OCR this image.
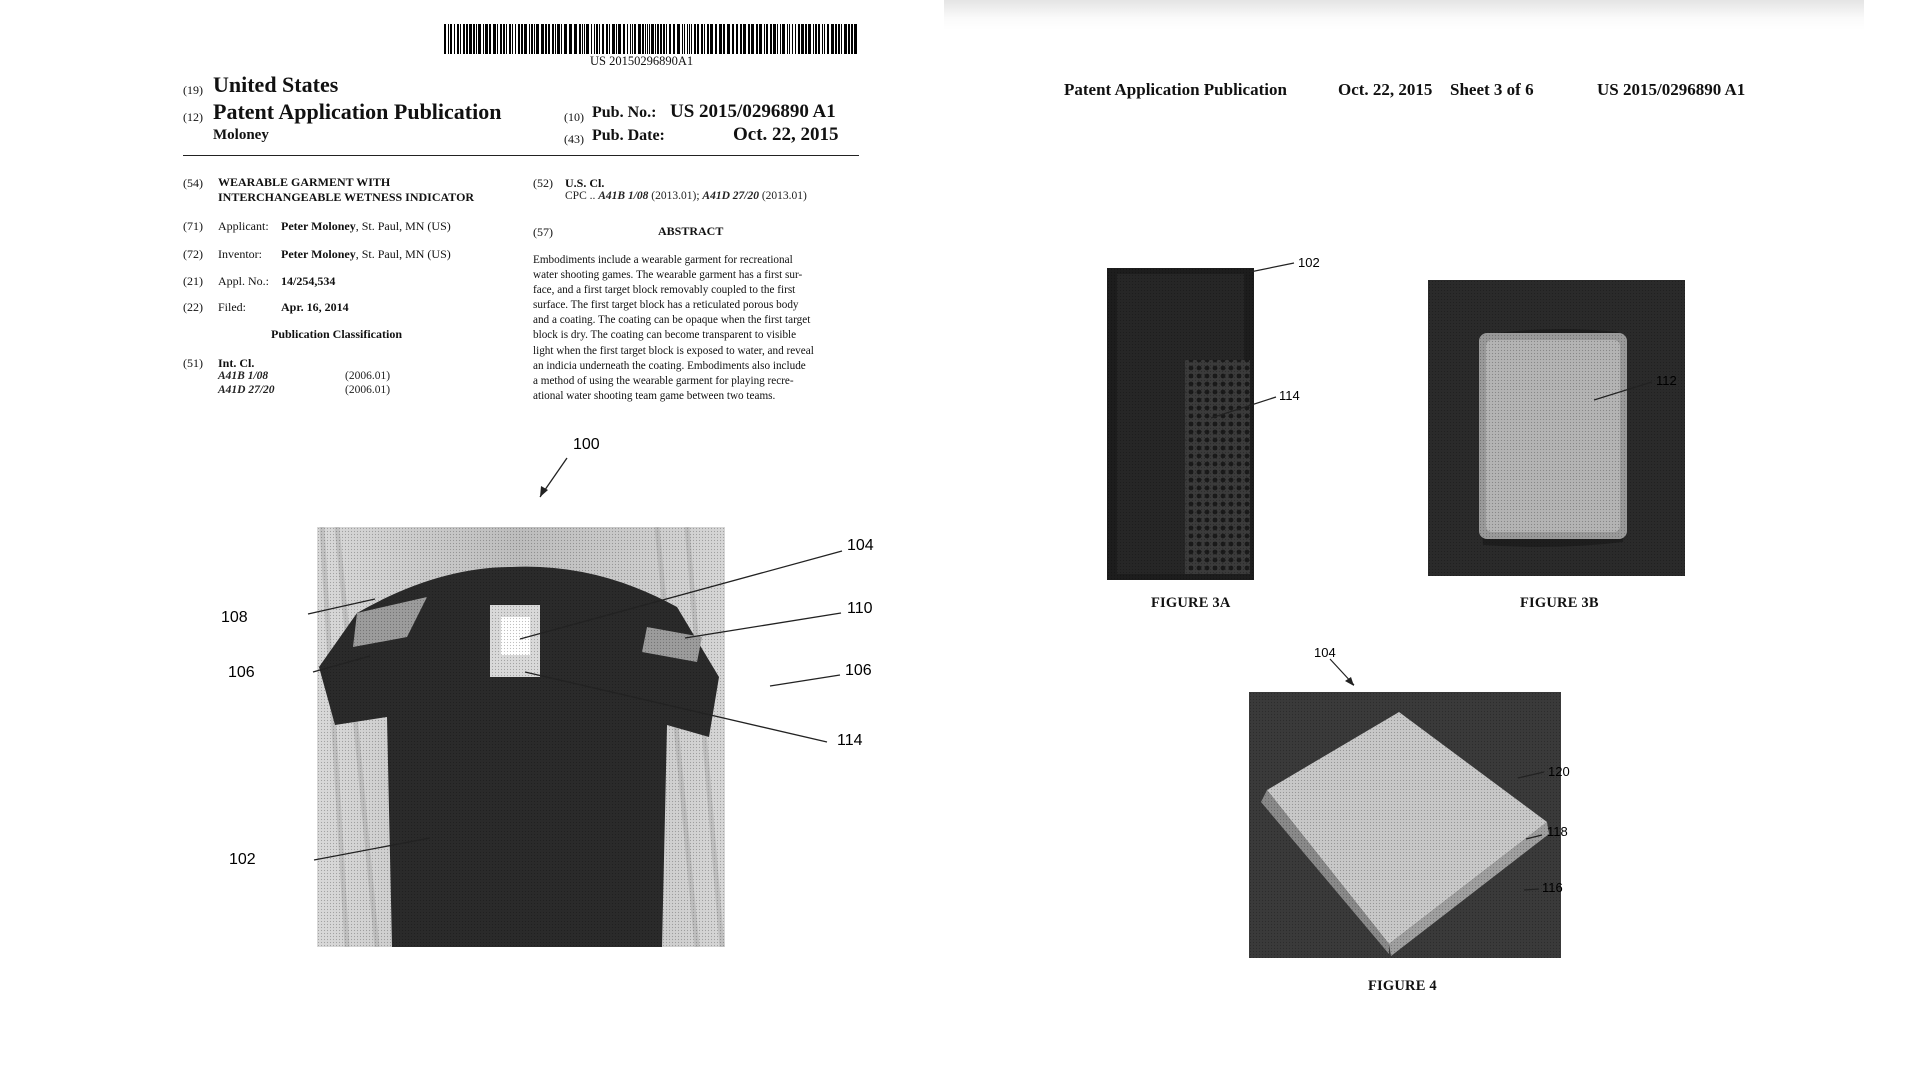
US 20150296890A1
(19) United States
(12) Patent Application Publication
Moloney
(10) Pub. No.: US 2015/0296890 A1
(43) Pub. Date:	Oct. 22, 2015
(54) WEARABLE GARMENT WITH
INTERCHANGEABLE WETNESS INDICATOR
(71) Applicant: Peter Moloney, St. Paul, MN (US)
(72) Inventor: Peter Moloney, St. Paul, MN (US)
(21) Appl. No.: 14/254,534
(22) Filed:	Apr. 16, 2014
Publication Classification
(51) Int. Cl.
A41B 1/08	(2006.01)
A41D 27/20	(2006.01)
(52) U.S. Cl.
CPC .. A41B 1/08 (2013.01); A41D 27/20 (2013.01)
(57)	ABSTRACT
Embodiments include a wearable garment for recreational
water shooting games. The wearable garment has a first sur-
face, and a first target block removably coupled to the first
surface. The first target block has a reticulated porous body
and a coating. The coating can be opaque when the first target
block is dry. The coating can become transparent to visible
light when the first target block is exposed to water, and reveal
an indicia underneath the coating. Embodiments also include
a method of using the wearable garment for playing recre-
ational water shooting team game between two teams.
100
104
108
110
106	106
114
102
Patent Application Publication	Oct. 22, 2015 Sheet 3 of 6	US 2015/0296890 A1
FIGURE 3A	FIGURE 3B
FIGURE 4
102
114
112
104
120
118
116
